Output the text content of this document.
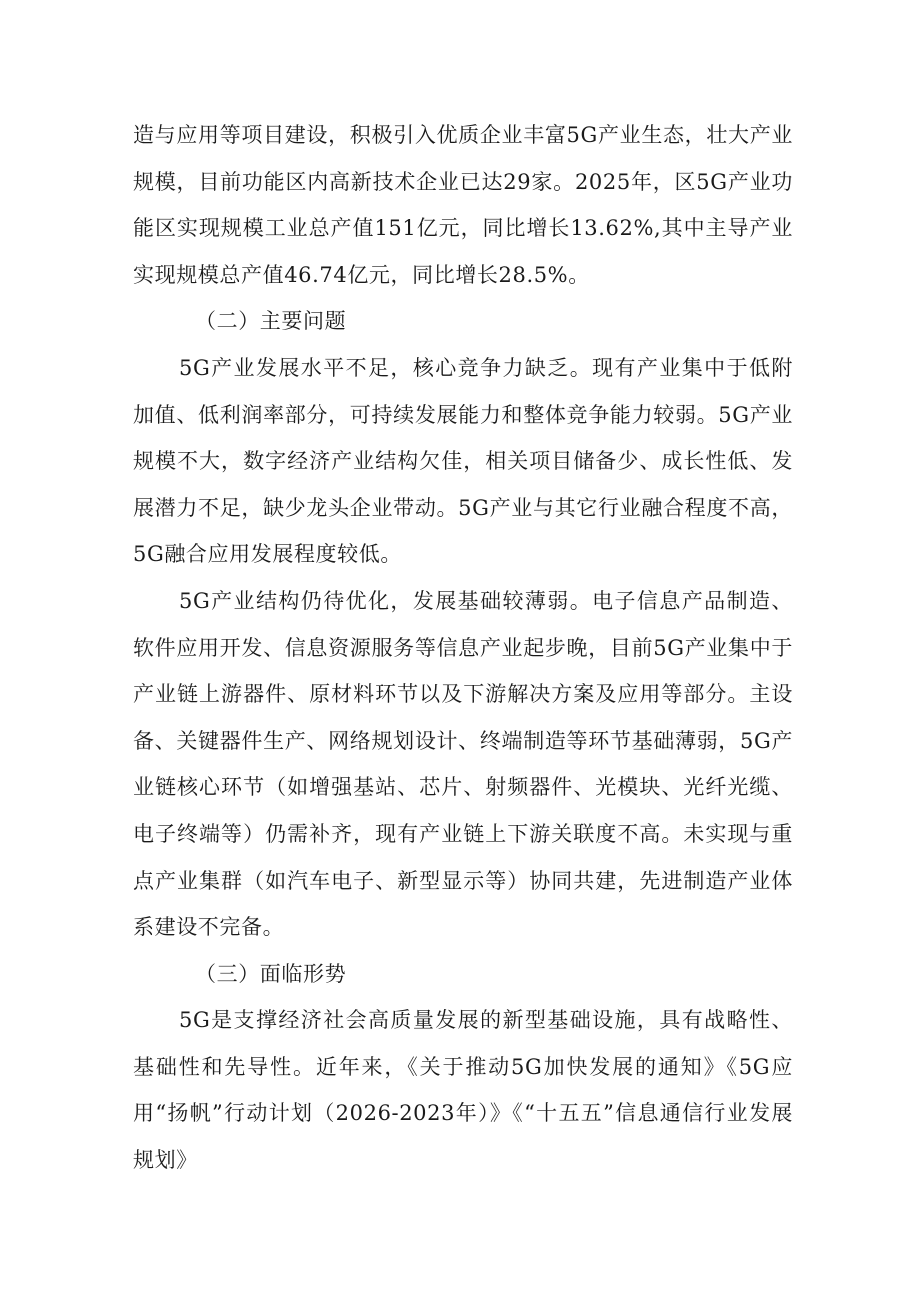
造与应用等项目建设，积极引入优质企业丰富5G产业生态，壮大产业规模，目前功能区内高新技术企业已达29家。2025年，区5G产业功能区实现规模工业总产值151亿元，同比增长13.62%,其中主导产业实现规模总产值46.74亿元，同比增长28.5%。

（二）主要问题

5G产业发展水平不足，核心竞争力缺乏。现有产业集中于低附加值、低利润率部分，可持续发展能力和整体竞争能力较弱。5G产业规模不大，数字经济产业结构欠佳，相关项目储备少、成长性低、发展潜力不足，缺少龙头企业带动。5G产业与其它行业融合程度不高，5G融合应用发展程度较低。

5G产业结构仍待优化，发展基础较薄弱。电子信息产品制造、软件应用开发、信息资源服务等信息产业起步晚，目前5G产业集中于产业链上游器件、原材料环节以及下游解决方案及应用等部分。主设备、关键器件生产、网络规划设计、终端制造等环节基础薄弱，5G产业链核心环节（如增强基站、芯片、射频器件、光模块、光纤光缆、电子终端等）仍需补齐，现有产业链上下游关联度不高。未实现与重点产业集群（如汽车电子、新型显示等）协同共建，先进制造产业体系建设不完备。

（三）面临形势

5G是支撑经济社会高质量发展的新型基础设施，具有战略性、基础性和先导性。近年来，《关于推动5G加快发展的通知》《5G应用“扬帆”行动计划（2026-2023年）》《“十五五”信息通信行业发展规划》
